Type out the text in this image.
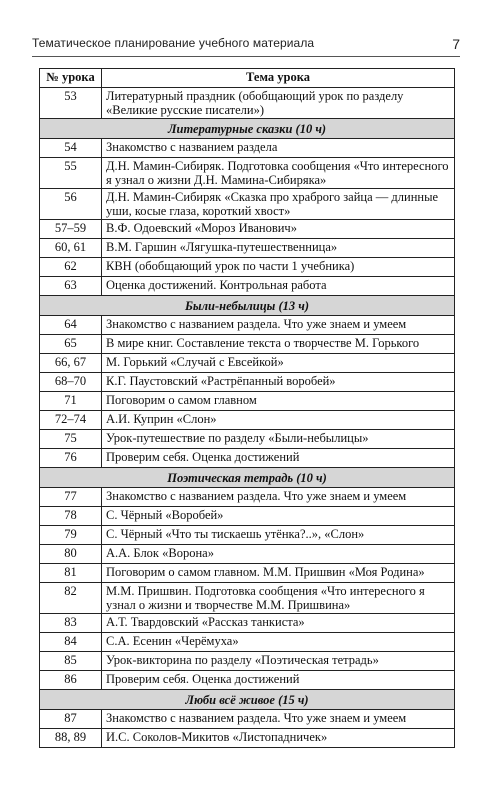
Тематическое планирование учебного материала	7
№ урока	Тема урока
53	Литературный праздник (обобщающий урок по разделу «Великие русские писатели»)
Литературные сказки (10 ч)	
54	Знакомство с названием раздела
55	Д.Н. Мамин-Сибиряк. Подготовка сообщения «Что интересного я узнал о жизни Д.Н. Мамина-Сибиряка»
56	Д.Н. Мамин-Сибиряк «Сказка про храброго зайца — длинные уши, косые глаза, короткий хвост»
57–59	В.Ф. Одоевский «Мороз Иванович»
60, 61	В.М. Гаршин «Лягушка-путешественница»
62	КВН (обобщающий урок по части 1 учебника)
63	Оценка достижений. Контрольная работа
Были-небылицы (13 ч)	
64	Знакомство с названием раздела. Что уже знаем и умеем
65	В мире книг. Составление текста о творчестве М. Горького
66, 67	М. Горький «Случай с Евсейкой»
68–70	К.Г. Паустовский «Растрёпанный воробей»
71	Поговорим о самом главном
72–74	А.И. Куприн «Слон»
75	Урок-путешествие по разделу «Были-небылицы»
76	Проверим себя. Оценка достижений
Поэтическая тетрадь (10 ч)	
77	Знакомство с названием раздела. Что уже знаем и умеем
78	С. Чёрный «Воробей»
79	С. Чёрный «Что ты тискаешь утёнка?..», «Слон»
80	А.А. Блок «Ворона»
81	Поговорим о самом главном. М.М. Пришвин «Моя Родина»
82	М.М. Пришвин. Подготовка сообщения «Что интересного я узнал о жизни и творчестве М.М. Пришвина»
83	А.Т. Твардовский «Рассказ танкиста»
84	С.А. Есенин «Черёмуха»
85	Урок-викторина по разделу «Поэтическая тетрадь»
86	Проверим себя. Оценка достижений
Люби всё живое (15 ч)	
87	Знакомство с названием раздела. Что уже знаем и умеем
88, 89	И.С. Соколов-Микитов «Листопадничек»
